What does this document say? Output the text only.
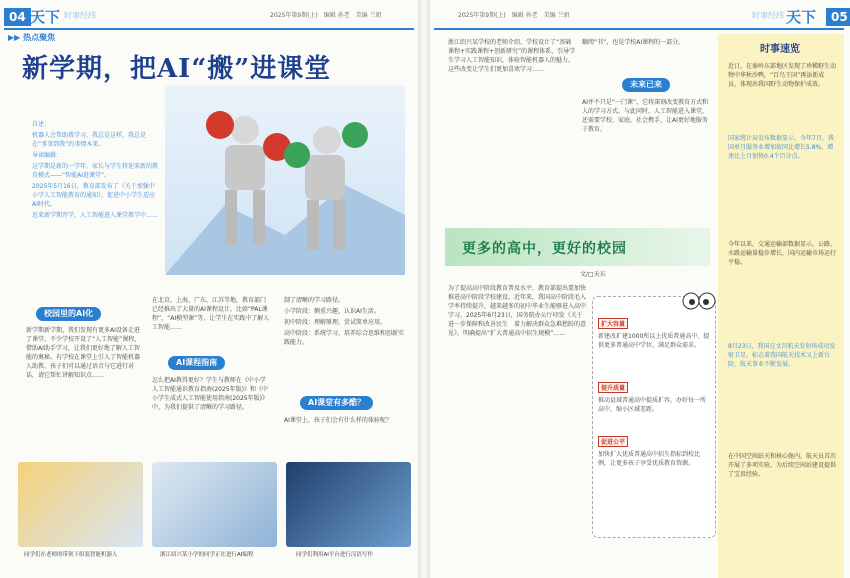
04 天下 时事经纬	2025年第9期(上)　编辑 孙老　美编 兰姐
▶▶ 热点聚焦
新学期，把AI“搬”进课堂

自述：

机器人会帮助我学习，我总是这样，我总是在“事事到我”的事情本来。

导读编辑：

这学期是新的一学年，家长与学生将迎来新的教育模式——“智能AI进课堂”。

2025年5月16日，教育部发布了《关于加强中小学人工智能教育的通知》，促进中小学生适应AI时代。

近来新学期开学，人工智能进入课堂教学中……

校园里的AI化
新学期新学期，我们发现有更多AI设备走进了课堂。不少学校开设了“人工智能”课程，借助AI助手学习，让我们更好地了解人工智能的奥秘。有学校在课堂上引入了智能机器人助教，孩子们可以通过语音与它进行对话，请它帮忙讲解知识点……
在北京，上海，广东，江苏等地，教育部门已经推出了大量的AI课程设计。比如“PAL课程”，“AI模型课”等，让学生在实践中了解人工智能……
AI课程指南
怎么把AI教得更好？学生与教师在《中小学人工智能通识教育指南(2025年版)》和《中小学生成式人工智能使用指南(2025年版)》中，为我们提供了清晰的学习路径。

制了清晰的学习路径。

小学阶段：侧重兴趣，认识AI生活。

初中阶段：理解原理，尝试简单应用。

高中阶段：系统学习，培养综合思维和创新实践能力。

AI课堂有多酷？
AI课堂上，孩子们会有什么样的体验呢？
同学们在老师的带领下组装智能机器人	浙江绍兴某小学的同学正在进行AI编程	同学们利用AI平台进行汉语写作
2025年第9期(上)　编辑 孙老　美编 兰姐	时事经纬 天下	05
浙江绍兴某学校的老师介绍，学校设计了“基础课程+实践课程+创新研究”的课程体系，引导学生学习人工智能知识，体验智能机器人的魅力。这些改变让学生们更加喜欢学习……
翻阅“书”，也是学校AI课程的一部分。
未来已来
AI并不只是“一门课”，它将深刻改变教育方式和人的学习方式。与此同时，人工智能进入课堂，还需要学校、家庭、社会携手，让AI更好地服务于教育。
更多的高中，更好的校园
文/□天东
为了提高高中阶段教育普及水平，教育部提出要加快推进高中阶段学校建设。近年来，我国高中阶段毛入学率持续提升，越来越多的初中毕业生能够进入高中学习，2025年6月23日，国务院办公厅印发《关于进一步保障和改善民生　着力解决群众急难愁盼的意见》，明确提出“扩大普通高中招生规模”……
扩大容量
新建改扩建1000所以上优质普通高中，提供更多普通高中学位，满足群众需求。
提升质量
推动县域普通高中提质扩容，办好每一所高中，缩小区域差距。
促进公平
加快扩大优质普通高中招生指标到校比例，让更多孩子享受优质教育资源。
时事速览
近日，在秦岭东部地区发现了珍稀野生动物中华秋沙鸭，“百鸟王国”再添新成员，体现出我国野生动物保护成效。
国家统计局发布数据显示，今年7月，我国单月服务业增加值同比增长5.8%，增速比上月加快0.4个百分点。
今年以来，交通运输部数据显示，公路、水路运输量稳步增长，国内运输市场运行平稳。
8月23日，我国在文昌航天发射场成功发射卫星，标志着我国航天技术又上新台阶，航天事业不断发展。
在中国空间站天和核心舱内，航天员首次开展了多项实验，为后续空间站建设提供了宝贵经验。
